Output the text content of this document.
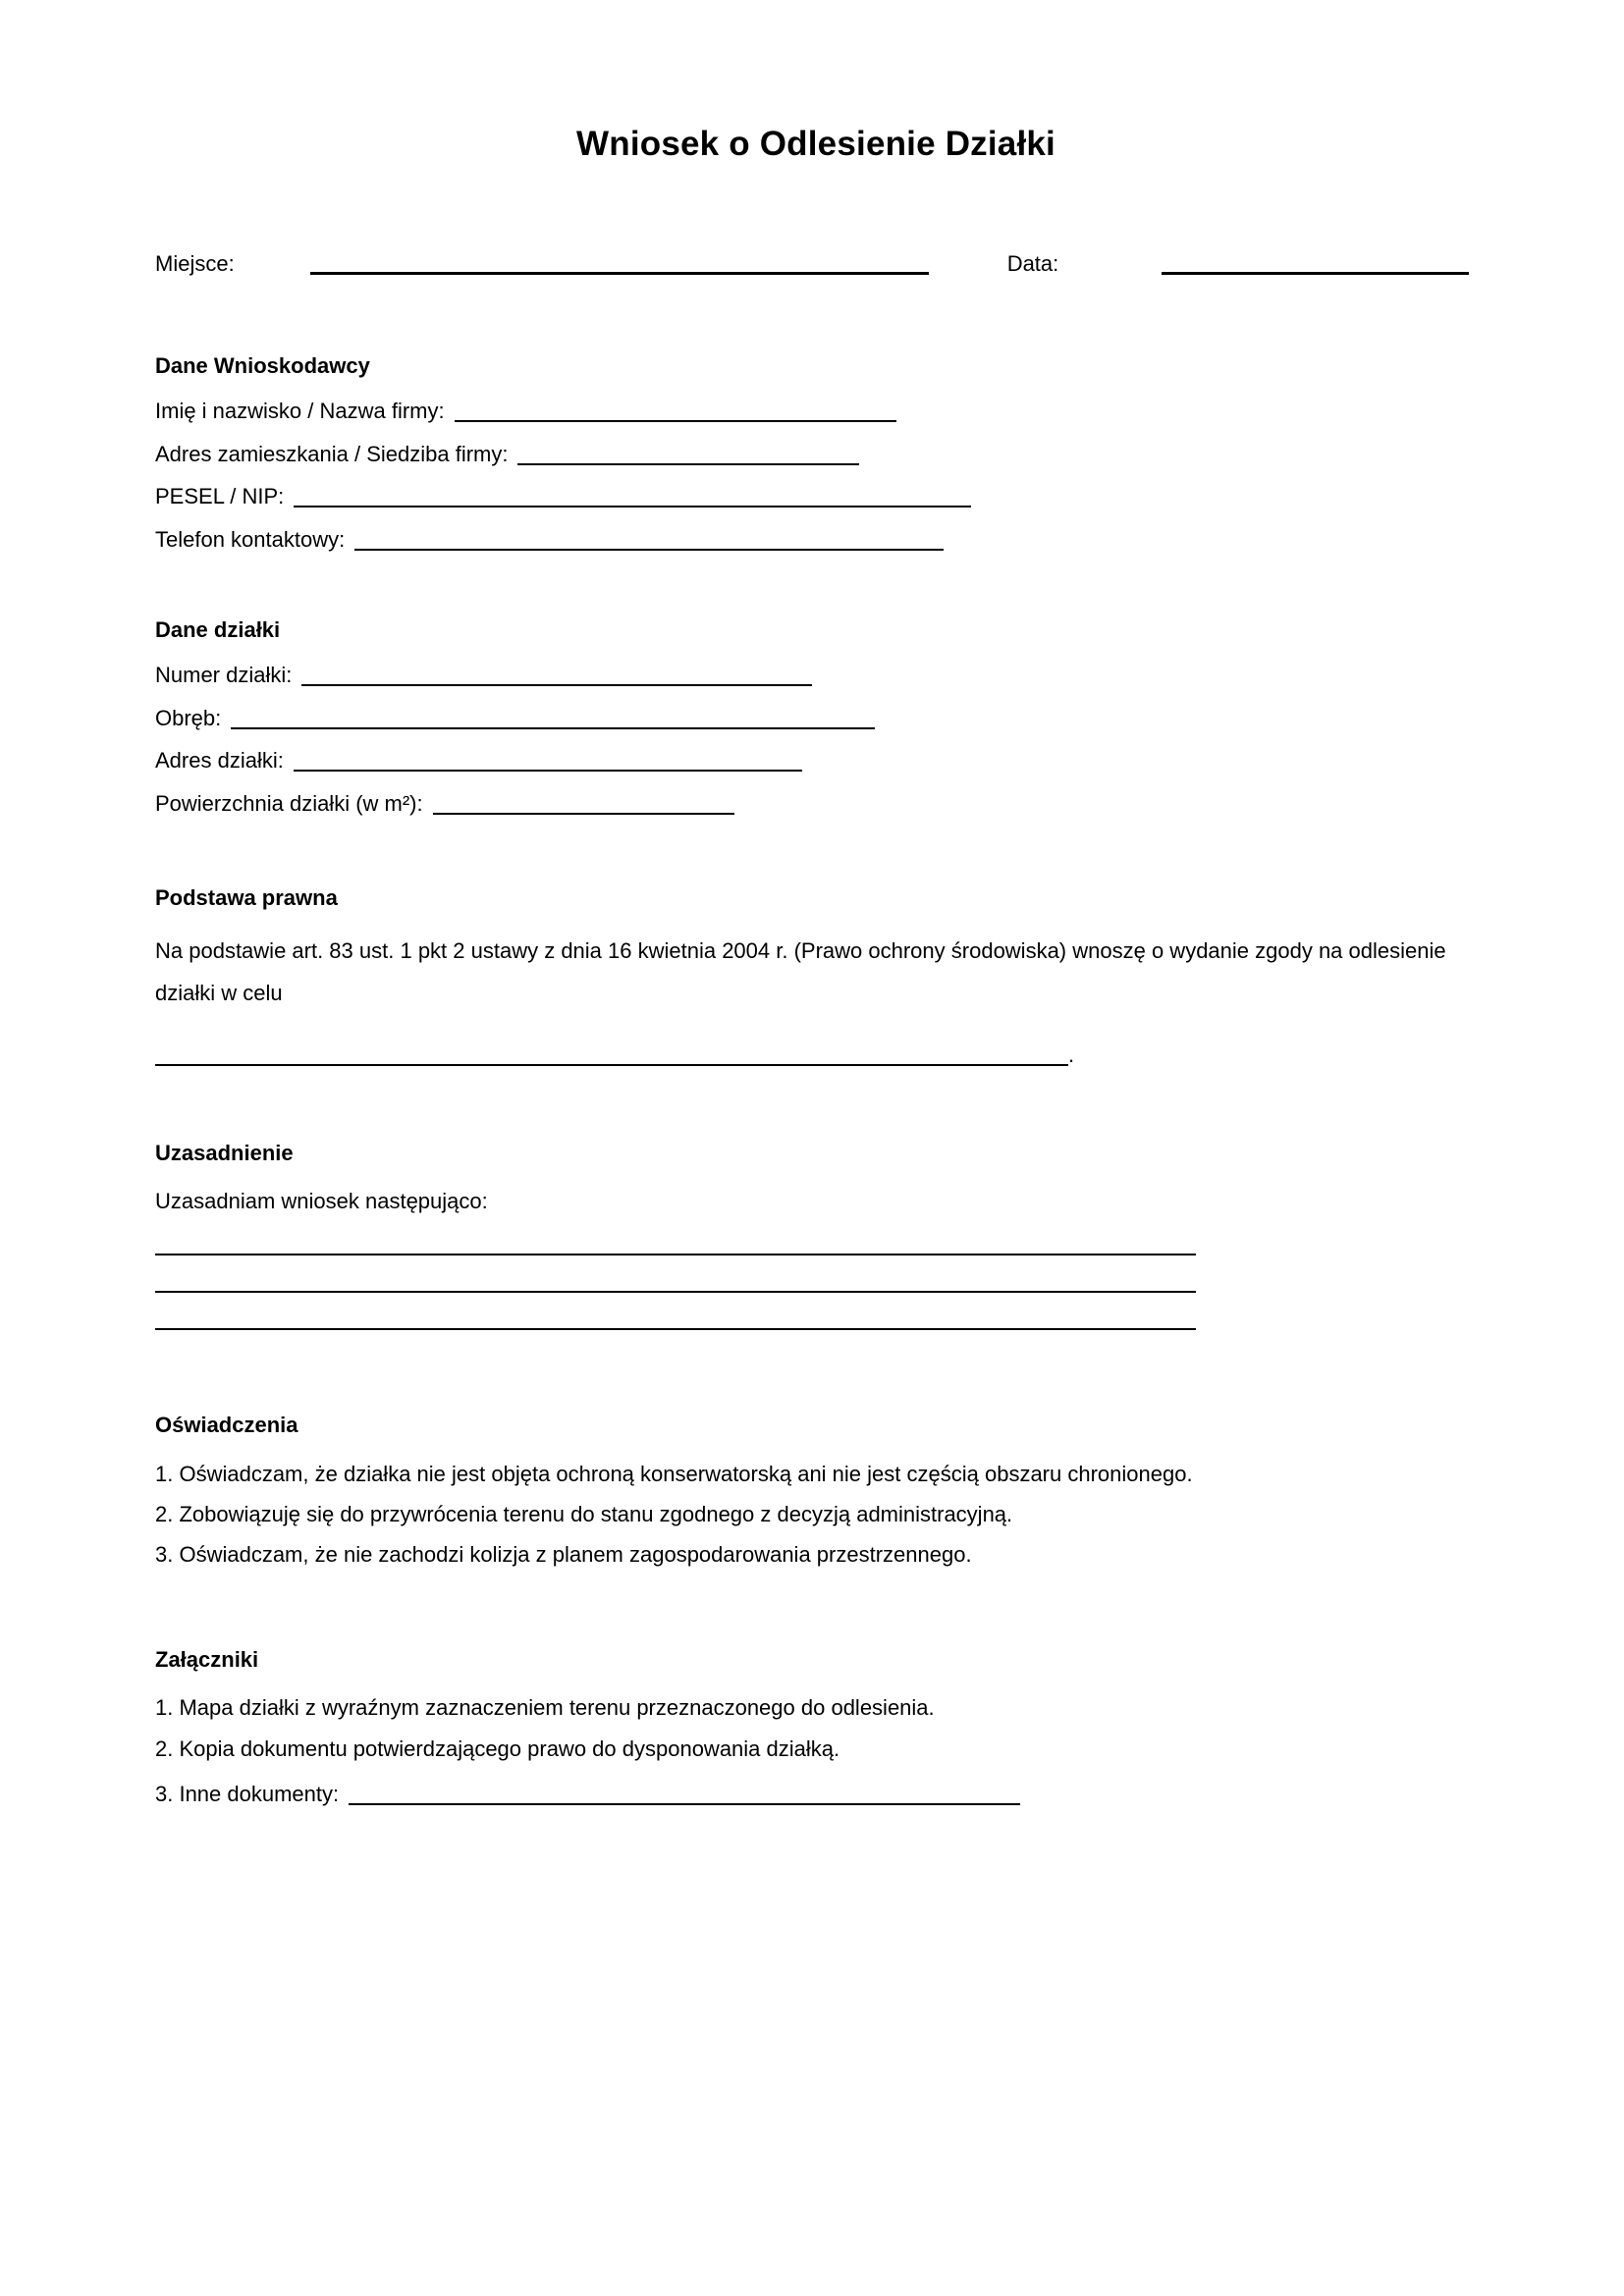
Wniosek o Odlesienie Działki
Miejsce:	Data:
Dane Wnioskodawcy
Imię i nazwisko / Nazwa firmy:
Adres zamieszkania / Siedziba firmy:
PESEL / NIP:
Telefon kontaktowy:
Dane działki
Numer działki:
Obręb:
Adres działki:
Powierzchnia działki (w m²):
Podstawa prawna

Na podstawie art. 83 ust. 1 pkt 2 ustawy z dnia 16 kwietnia 2004 r. (Prawo ochrony środowiska) wnoszę o wydanie zgody na odlesienie działki w celu

.
Uzasadnienie

Uzasadniam wniosek następująco:

Oświadczenia

1. Oświadczam, że działka nie jest objęta ochroną konserwatorską ani nie jest częścią obszaru chronionego.

2. Zobowiązuję się do przywrócenia terenu do stanu zgodnego z decyzją administracyjną.

3. Oświadczam, że nie zachodzi kolizja z planem zagospodarowania przestrzennego.

Załączniki

1. Mapa działki z wyraźnym zaznaczeniem terenu przeznaczonego do odlesienia.

2. Kopia dokumentu potwierdzającego prawo do dysponowania działką.

3. Inne dokumenty:
